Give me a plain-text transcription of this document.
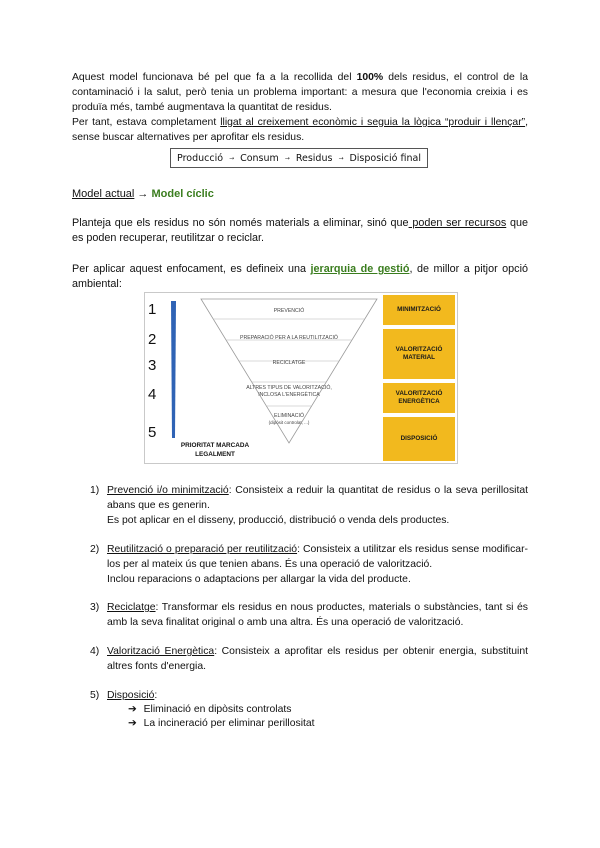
Aquest model funcionava bé pel que fa a la recollida del 100% dels residus, el control de la contaminació i la salut, però tenia un problema important: a mesura que l'economia creixia i es produïa més, també augmentava la quantitat de residus.

Per tant, estava completament lligat al creixement econòmic i seguia la lògica “produir i llençar”, sense buscar alternatives per aprofitar els residus.

Producció → Consum → Residus → Disposició final
Model actual → Model cíclic

Planteja que els residus no són només materials a eliminar, sinó que poden ser recursos que es poden recuperar, reutilitzar o reciclar.

Per aplicar aquest enfocament, es defineix una jerarquia de gestió, de millor a pitjor opció ambiental:

1
2
3
4
5
PREVENCIÓ
PREPARACIÓ PER A LA REUTILITZACIÓ
RECICLATGE
ALTRES TIPUS DE VALORITZACIÓ, INCLOSA L'ENERGÈTICA
ELIMINACIÓ
(dipòsit controlat, ...)
PRIORITAT MARCADA LEGALMENT
MINIMITZACIÓ
VALORITZACIÓ MATERIAL
VALORITZACIÓ ENERGÈTICA
DISPOSICIÓ
1) Prevenció i/o minimització: Consisteix a reduir la quantitat de residus o la seva perillositat abans que es generin.
Es pot aplicar en el disseny, producció, distribució o venda dels productes.
2) Reutilització o preparació per reutilització: Consisteix a utilitzar els residus sense modificar-los per al mateix ús que tenien abans. És una operació de valorització.
Inclou reparacions o adaptacions per allargar la vida del producte.
3) Reciclatge: Transformar els residus en nous productes, materials o substàncies, tant si és amb la seva finalitat original o amb una altra. És una operació de valorització.
4) Valorització Energètica: Consisteix a aprofitar els residus per obtenir energia, substituint altres fonts d'energia.
5) Disposició:
➔ Eliminació en dipòsits controlats
➔ La incineració per eliminar perillositat
